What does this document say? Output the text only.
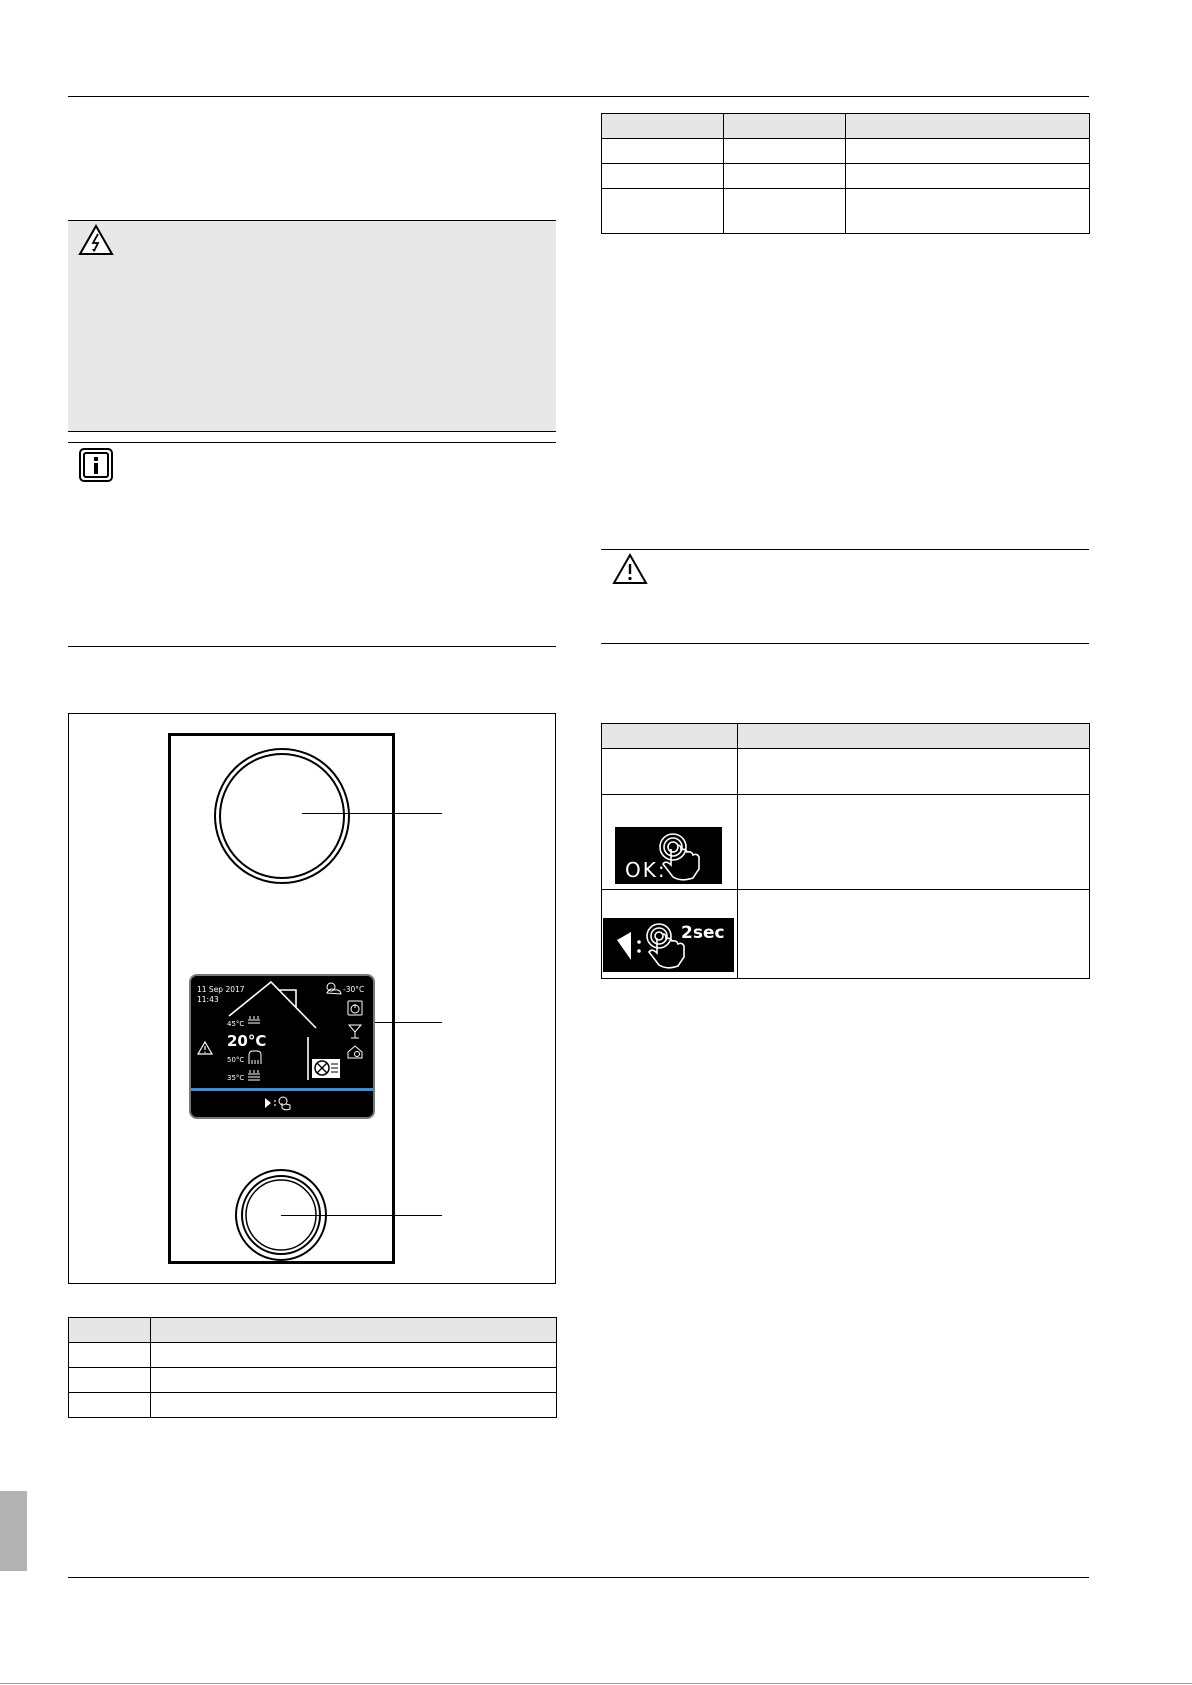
11 Sep 2017
11:43
-30°C
45°C
20°C
50°C
35°C

OK:
2sec
